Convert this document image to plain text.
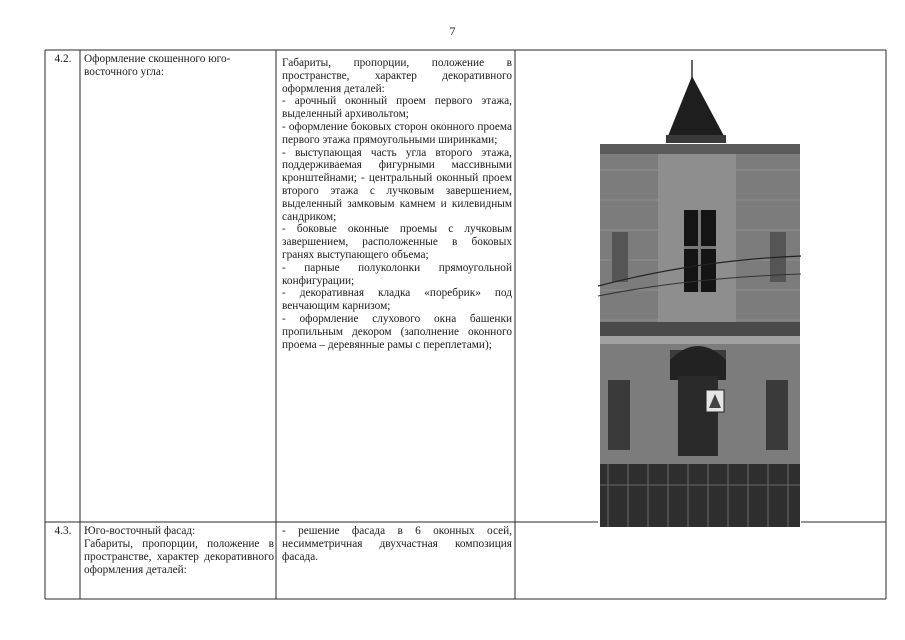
7
4.2.	Оформление скошенного юго-восточного угла:
Габариты, пропорции, положение в пространстве, характер декоративного оформления деталей:
- арочный оконный проем первого этажа, выделенный архивольтом;
- оформление боковых сторон оконного проема первого этажа прямоугольными ширинками;
- выступающая часть угла второго этажа, поддерживаемая фигурными массивными кронштейнами; - центральный оконный проем второго этажа с лучковым завершением, выделенный замковым камнем и килевидным сандриком;
- боковые оконные проемы с лучковым завершением, расположенные в боковых гранях выступающего объема;
- парные полуколонки прямоугольной конфигурации;
- декоративная кладка «поребрик» под венчающим карнизом;
- оформление слухового окна башенки пропильным декором (заполнение оконного проема – деревянные рамы с переплетами);
4.3.	Юго-восточный фасад:
Габариты, пропорции, положение в пространстве, характер декоративного оформления деталей:
- решение фасада в 6 оконных осей, несимметричная двухчастная композиция фасада.
